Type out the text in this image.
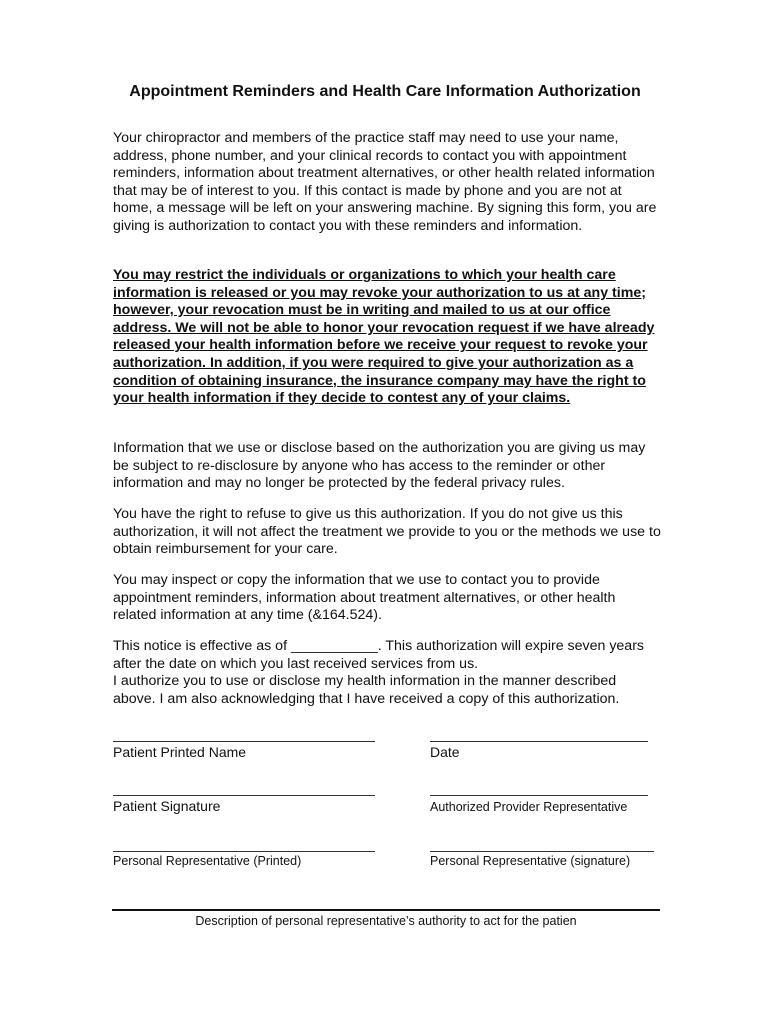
Appointment Reminders and Health Care Information Authorization

Your chiropractor and members of the practice staff may need to use your name, address, phone number, and your clinical records to contact you with appointment reminders, information about treatment alternatives, or other health related information that may be of interest to you. If this contact is made by phone and you are not at home, a message will be left on your answering machine. By signing this form, you are giving is authorization to contact you with these reminders and information.

You may restrict the individuals or organizations to which your health care information is released or you may revoke your authorization to us at any time; however, your revocation must be in writing and mailed to us at our office address. We will not be able to honor your revocation request if we have already released your health information before we receive your request to revoke your authorization. In addition, if you were required to give your authorization as a condition of obtaining insurance, the insurance company may have the right to your health information if they decide to contest any of your claims.

Information that we use or disclose based on the authorization you are giving us may be subject to re-disclosure by anyone who has access to the reminder or other information and may no longer be protected by the federal privacy rules.

You have the right to refuse to give us this authorization. If you do not give us this authorization, it will not affect the treatment we provide to you or the methods we use to obtain reimbursement for your care.

You may inspect or copy the information that we use to contact you to provide appointment reminders, information about treatment alternatives, or other health related information at any time (&164.524).

This notice is effective as of ___________. This authorization will expire seven years after the date on which you last received services from us.
I authorize you to use or disclose my health information in the manner described above. I am also acknowledging that I have received a copy of this authorization.
Patient Printed Name	Date
Patient Signature	Authorized Provider Representative
Personal Representative (Printed)	Personal Representative (signature)
Description of personal representative’s authority to act for the patien
